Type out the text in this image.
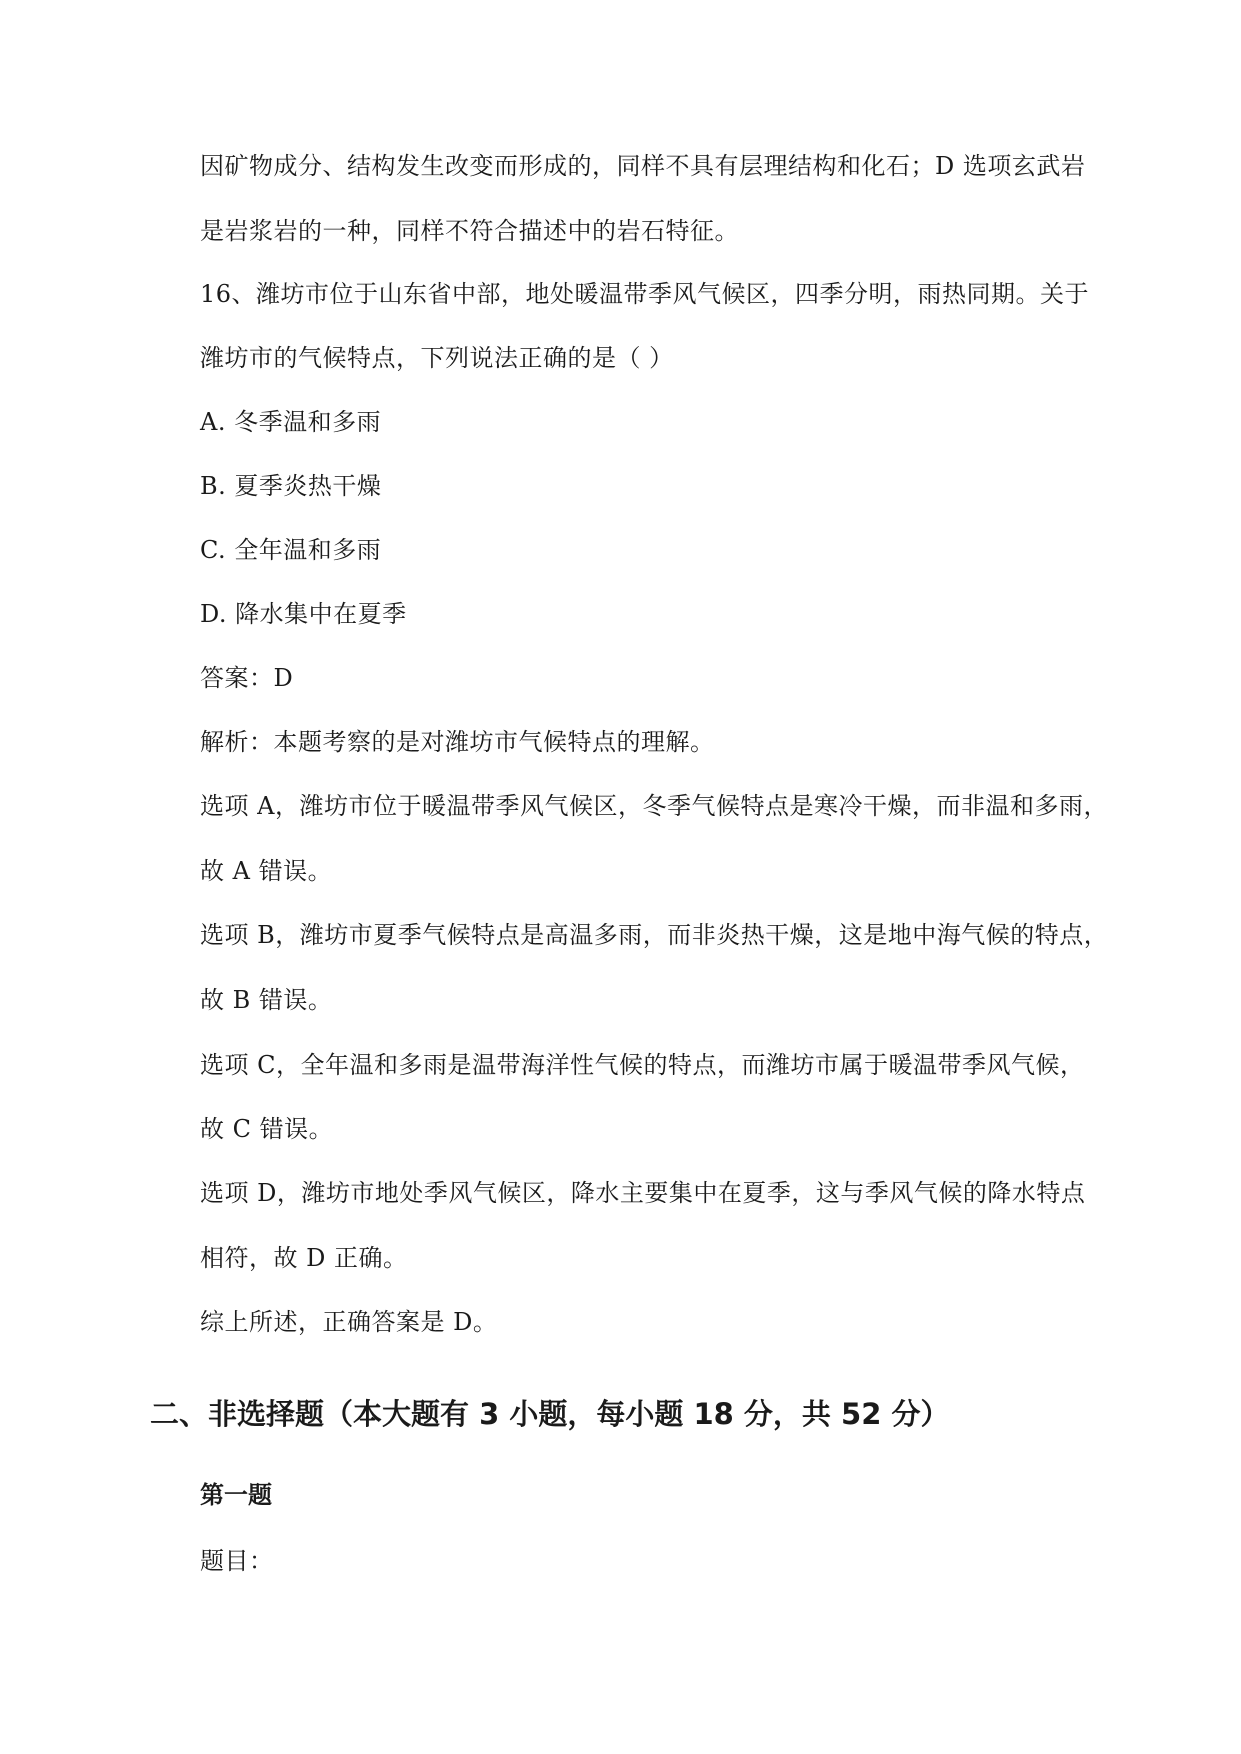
因矿物成分、结构发生改变而形成的，同样不具有层理结构和化石；D 选项玄武岩
是岩浆岩的一种，同样不符合描述中的岩石特征。
16、潍坊市位于山东省中部，地处暖温带季风气候区，四季分明，雨热同期。关于
潍坊市的气候特点，下列说法正确的是（ ）
A. 冬季温和多雨
B. 夏季炎热干燥
C. 全年温和多雨
D. 降水集中在夏季
答案：D
解析：本题考察的是对潍坊市气候特点的理解。
选项 A，潍坊市位于暖温带季风气候区，冬季气候特点是寒冷干燥，而非温和多雨，
故 A 错误。
选项 B，潍坊市夏季气候特点是高温多雨，而非炎热干燥，这是地中海气候的特点，
故 B 错误。
选项 C，全年温和多雨是温带海洋性气候的特点，而潍坊市属于暖温带季风气候，
故 C 错误。
选项 D，潍坊市地处季风气候区，降水主要集中在夏季，这与季风气候的降水特点
相符，故 D 正确。
综上所述，正确答案是 D。
二、非选择题（本大题有 3 小题，每小题 18 分，共 52 分）
第一题
题目：
